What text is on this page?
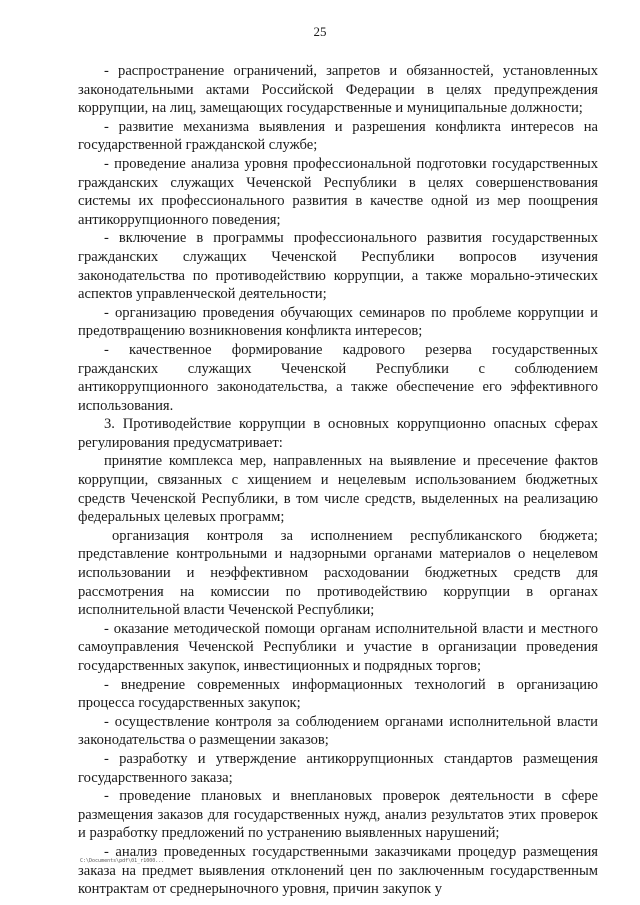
25

- распространение ограничений, запретов и обязанностей, установленных законодательными актами Российской Федерации в целях предупреждения коррупции, на лиц, замещающих государственные и муниципальные должности;

- развитие механизма выявления и разрешения конфликта интересов на государственной гражданской службе;

- проведение анализа уровня профессиональной подготовки государственных гражданских служащих Чеченской Республики в целях совершенствования системы их профессионального развития в качестве одной из мер поощрения антикоррупционного поведения;

- включение в программы профессионального развития государственных гражданских служащих Чеченской Республики вопросов изучения законодательства по противодействию коррупции, а также морально-этических аспектов управленческой деятельности;

- организацию проведения обучающих семинаров по проблеме коррупции и предотвращению возникновения конфликта интересов;

- качественное формирование кадрового резерва государственных гражданских служащих Чеченской Республики с соблюдением антикоррупционного законодательства, а также обеспечение его эффективного использования.

3. Противодействие коррупции в основных коррупционно опасных сферах регулирования предусматривает:

принятие комплекса мер, направленных на выявление и пресечение фактов коррупции, связанных с хищением и нецелевым использованием бюджетных средств Чеченской Республики, в том числе средств, выделенных на реализацию федеральных целевых программ;

организация контроля за исполнением республиканского бюджета; представление контрольными и надзорными органами материалов о нецелевом использовании и неэффективном расходовании бюджетных средств для рассмотрения на комиссии по противодействию коррупции в органах исполнительной власти Чеченской Республики;

- оказание методической помощи органам исполнительной власти и местного самоуправления Чеченской Республики и участие в организации проведения государственных закупок, инвестиционных и подрядных торгов;

- внедрение современных информационных технологий в организацию процесса государственных закупок;

- осуществление контроля за соблюдением органами исполнительной власти законодательства о размещении заказов;

- разработку и утверждение антикоррупционных стандартов размещения государственного заказа;

- проведение плановых и внеплановых проверок деятельности в сфере размещения заказов для государственных нужд, анализ результатов этих проверок и разработку предложений по устранению выявленных нарушений;

- анализ проведенных государственными заказчиками процедур размещения заказа на предмет выявления отклонений цен по заключенным государственным контрактам от среднерыночного уровня, причин закупок у

C:\Documents\pdf\01_r1000...
